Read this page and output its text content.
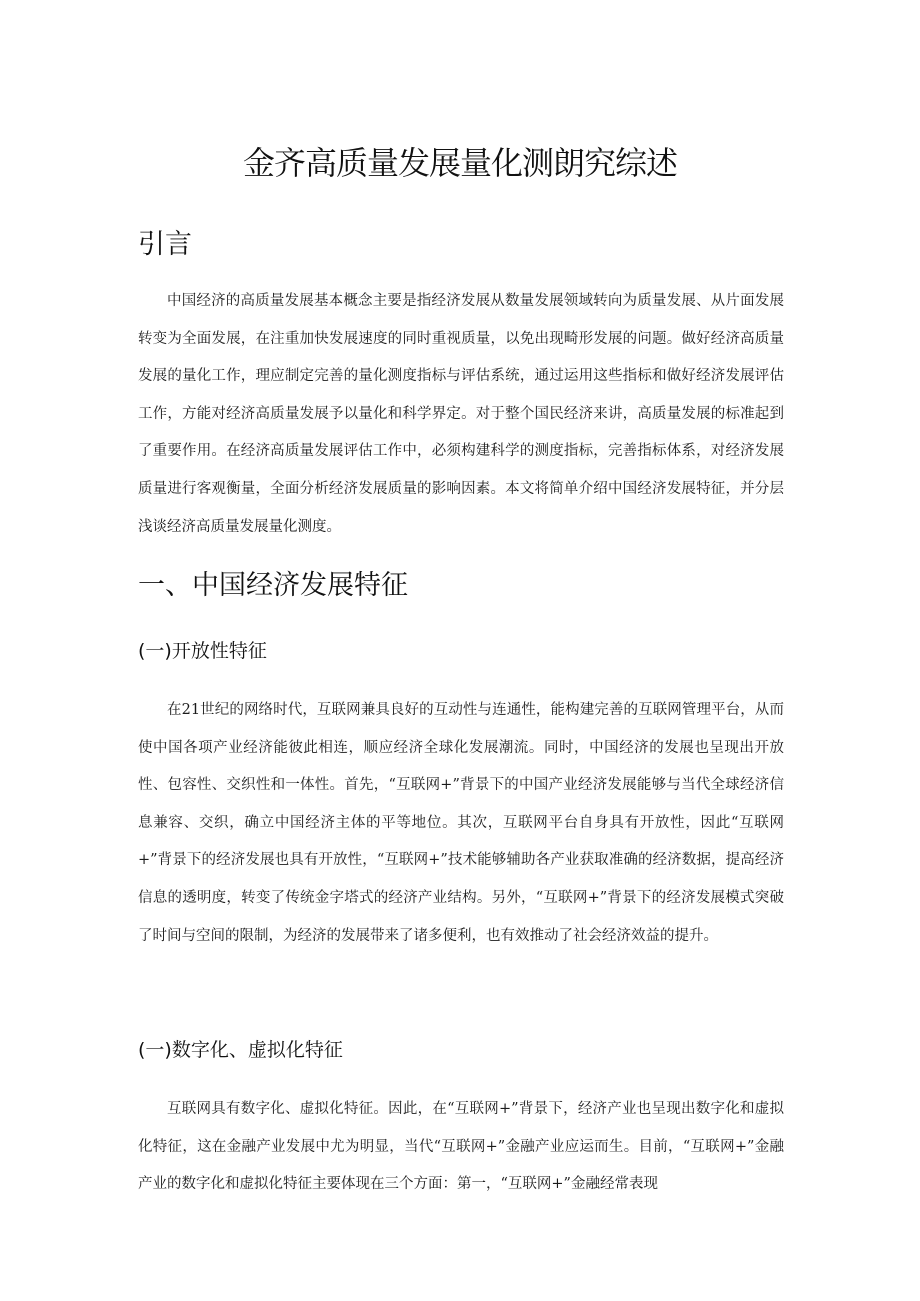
金齐高质量发展量化测朗究综述
引言

中国经济的高质量发展基本概念主要是指经济发展从数量发展领域转向为质量发展、从片面发展转变为全面发展，在注重加快发展速度的同时重视质量，以免出现畸形发展的问题。做好经济高质量发展的量化工作，理应制定完善的量化测度指标与评估系统，通过运用这些指标和做好经济发展评估工作，方能对经济高质量发展予以量化和科学界定。对于整个国民经济来讲，高质量发展的标准起到了重要作用。在经济高质量发展评估工作中，必须构建科学的测度指标，完善指标体系，对经济发展质量进行客观衡量，全面分析经济发展质量的影响因素。本文将简单介绍中国经济发展特征，并分层浅谈经济高质量发展量化测度。

一、中国经济发展特征
(一)开放性特征

在21世纪的网络时代，互联网兼具良好的互动性与连通性，能构建完善的互联网管理平台，从而使中国各项产业经济能彼此相连，顺应经济全球化发展潮流。同时，中国经济的发展也呈现出开放性、包容性、交织性和一体性。首先，“互联网+”背景下的中国产业经济发展能够与当代全球经济信息兼容、交织，确立中国经济主体的平等地位。其次，互联网平台自身具有开放性，因此“互联网+”背景下的经济发展也具有开放性，“互联网+”技术能够辅助各产业获取准确的经济数据，提高经济信息的透明度，转变了传统金字塔式的经济产业结构。另外，“互联网+”背景下的经济发展模式突破了时间与空间的限制，为经济的发展带来了诸多便利，也有效推动了社会经济效益的提升。

(一)数字化、虚拟化特征

互联网具有数字化、虚拟化特征。因此，在“互联网+”背景下，经济产业也呈现出数字化和虚拟化特征，这在金融产业发展中尤为明显，当代“互联网+”金融产业应运而生。目前，“互联网+”金融产业的数字化和虚拟化特征主要体现在三个方面：第一，“互联网+”金融经常表现
